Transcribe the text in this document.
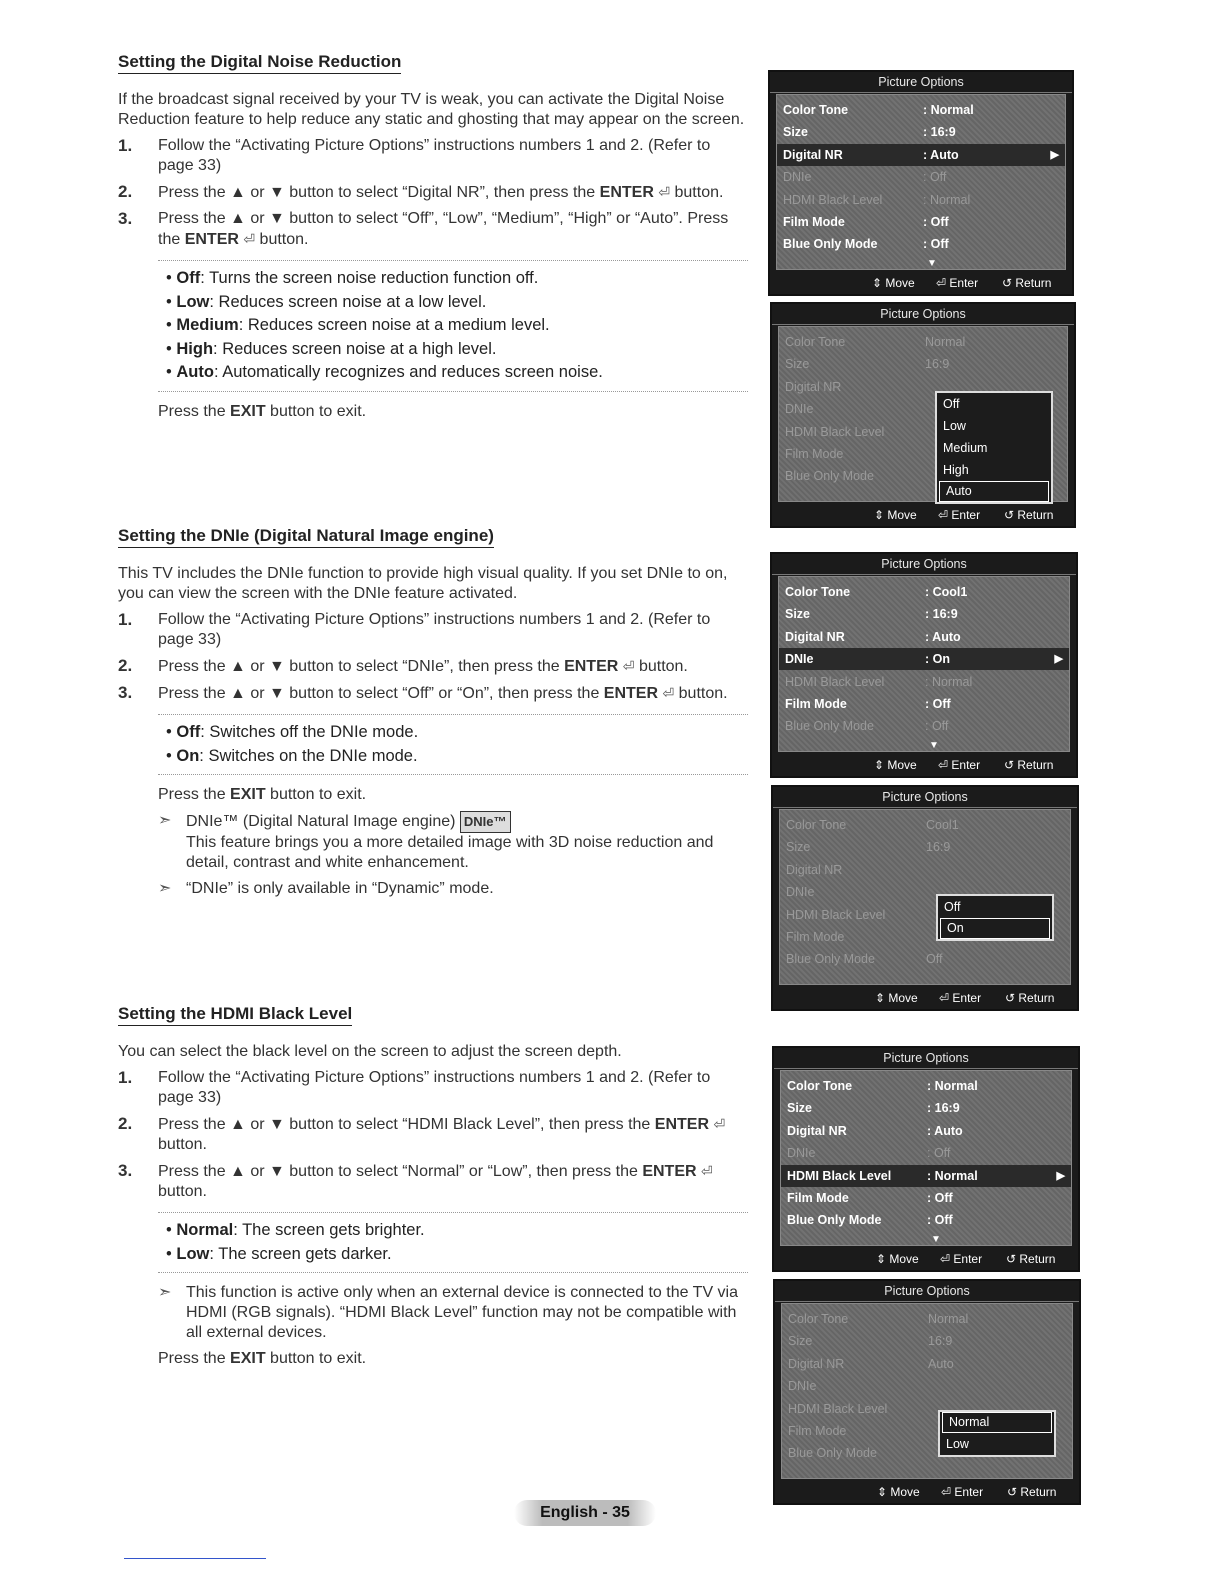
Setting the Digital Noise Reduction

If the broadcast signal received by your TV is weak, you can activate the Digital Noise Reduction feature to help reduce any static and ghosting that may appear on the screen.

1.	Follow the “Activating Picture Options” instructions numbers 1 and 2. (Refer to page 33)
2.	Press the ▲ or ▼ button to select “Digital NR”, then press the ENTER ⏎ button.
3.	Press the ▲ or ▼ button to select “Off”, “Low”, “Medium”, “High” or “Auto”. Press the ENTER ⏎ button.
• Off: Turns the screen noise reduction function off.
• Low: Reduces screen noise at a low level.
• Medium: Reduces screen noise at a medium level.
• High: Reduces screen noise at a high level.
• Auto: Automatically recognizes and reduces screen noise.
Press the EXIT button to exit.
Setting the DNIe (Digital Natural Image engine)

This TV includes the DNIe function to provide high visual quality. If you set DNIe to on, you can view the screen with the DNIe feature activated.

1.	Follow the “Activating Picture Options” instructions numbers 1 and 2. (Refer to page 33)
2.	Press the ▲ or ▼ button to select “DNIe”, then press the ENTER ⏎ button.
3.	Press the ▲ or ▼ button to select “Off” or “On”, then press the ENTER ⏎ button.
• Off: Switches off the DNIe mode.
• On: Switches on the DNIe mode.
Press the EXIT button to exit.
➣ DNIe™ (Digital Natural Image engine) DNIe™
This feature brings you a more detailed image with 3D noise reduction and detail, contrast and white enhancement.
➣ “DNIe” is only available in “Dynamic” mode.
Setting the HDMI Black Level

You can select the black level on the screen to adjust the screen depth.

1.	Follow the “Activating Picture Options” instructions numbers 1 and 2. (Refer to page 33)
2.	Press the ▲ or ▼ button to select “HDMI Black Level”, then press the ENTER ⏎ button.
3.	Press the ▲ or ▼ button to select “Normal” or “Low”, then press the ENTER ⏎ button.
• Normal: The screen gets brighter.
• Low: The screen gets darker.
➣ This function is active only when an external device is connected to the TV via HDMI (RGB signals). “HDMI Black Level” function may not be compatible with all external devices.
Press the EXIT button to exit.
Picture Options
Color Tone	: Normal
Size	: 16:9
Digital NR	: Auto	▶
DNIe	: Off
HDMI Black Level	: Normal
Film Mode	: Off
Blue Only Mode	: Off
▼
⇕ Move ⏎ Enter ↺ Return
Picture Options
Color Tone	Normal
Size	16:9
Digital NR
DNIe
HDMI Black Level
Film Mode
Blue Only Mode
Off
Low
Medium
High
Auto
⇕ Move ⏎ Enter ↺ Return
Picture Options
Color Tone	: Cool1
Size	: 16:9
Digital NR	: Auto
DNIe	: On	▶
HDMI Black Level	: Normal
Film Mode	: Off
Blue Only Mode	: Off
▼
⇕ Move ⏎ Enter ↺ Return
Picture Options
Color Tone	Cool1
Size	16:9
Digital NR
DNIe
HDMI Black Level
Film Mode
Blue Only Mode	Off
Off
On
⇕ Move ⏎ Enter ↺ Return
Picture Options
Color Tone	: Normal
Size	: 16:9
Digital NR	: Auto
DNIe	: Off
HDMI Black Level	: Normal	▶
Film Mode	: Off
Blue Only Mode	: Off
▼
⇕ Move ⏎ Enter ↺ Return
Picture Options
Color Tone	Normal
Size	16:9
Digital NR	Auto
DNIe
HDMI Black Level
Film Mode
Blue Only Mode
Normal
Low
⇕ Move ⏎ Enter ↺ Return
English - 35
